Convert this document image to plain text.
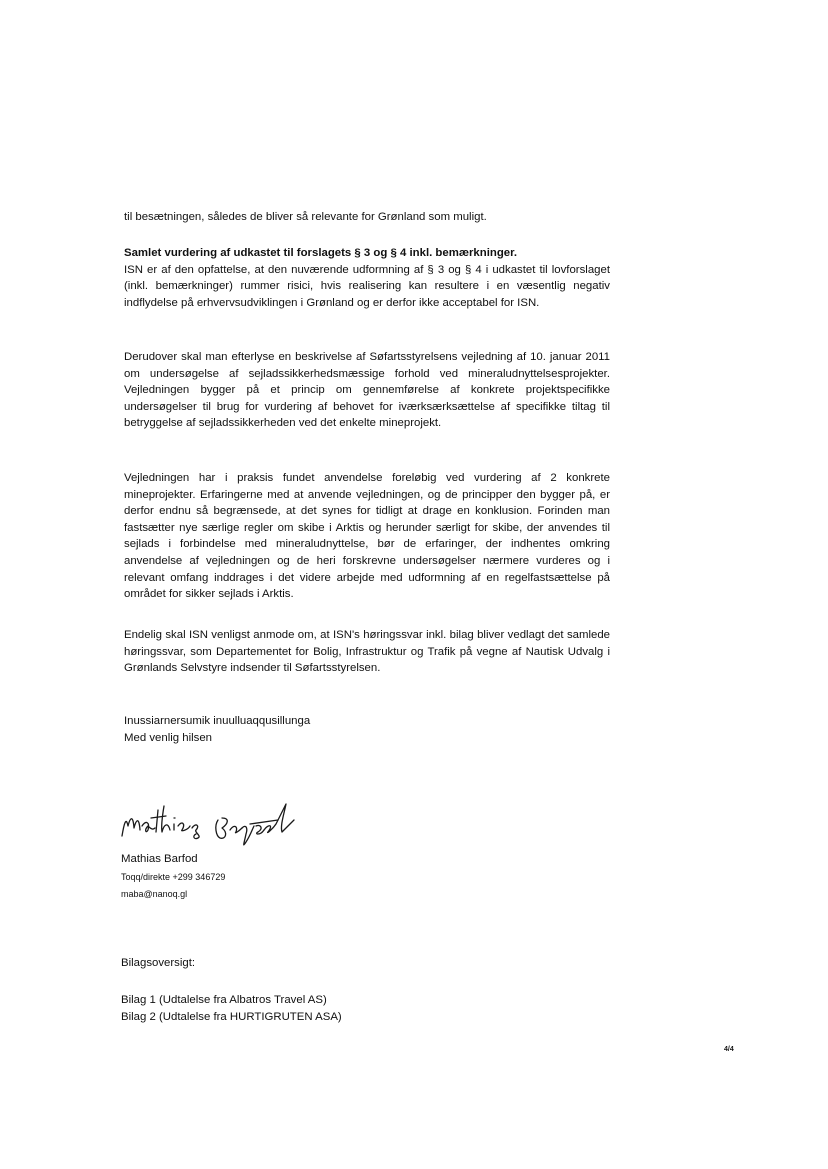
til besætningen, således de bliver så relevante for Grønland som muligt.

Samlet vurdering af udkastet til forslagets § 3 og § 4 inkl. bemærkninger.

ISN er af den opfattelse, at den nuværende udformning af § 3 og § 4 i udkastet til lovforslaget (inkl. bemærkninger) rummer risici, hvis realisering kan resultere i en væsentlig negativ indflydelse på erhvervsudviklingen i Grønland og er derfor ikke acceptabel for ISN.

Derudover skal man efterlyse en beskrivelse af Søfartsstyrelsens vejledning af 10. januar 2011 om undersøgelse af sejladssikkerhedsmæssige forhold ved mineraludnyttelsesprojekter. Vejledningen bygger på et princip om gennemførelse af konkrete projektspecifikke undersøgelser til brug for vurdering af behovet for iværksærksættelse af specifikke tiltag til betryggelse af sejladssikkerheden ved det enkelte mineprojekt.

Vejledningen har i praksis fundet anvendelse foreløbig ved vurdering af 2 konkrete mineprojekter. Erfaringerne med at anvende vejledningen, og de principper den bygger på, er derfor endnu så begrænsede, at det synes for tidligt at drage en konklusion. Forinden man fastsætter nye særlige regler om skibe i Arktis og herunder særligt for skibe, der anvendes til sejlads i forbindelse med mineraludnyttelse, bør de erfaringer, der indhentes omkring anvendelse af vejledningen og de heri forskrevne undersøgelser nærmere vurderes og i relevant omfang inddrages i det videre arbejde med udformning af en regelfastsættelse på området for sikker sejlads i Arktis.

Endelig skal ISN venligst anmode om, at ISN's høringssvar inkl. bilag bliver vedlagt det samlede høringssvar, som Departementet for Bolig, Infrastruktur og Trafik på vegne af Nautisk Udvalg i Grønlands Selvstyre indsender til Søfartsstyrelsen.

Inussiarnersumik inuulluaqqusillunga
Med venlig hilsen
Mathias Barfod
Toqq/direkte +299 346729
maba@nanoq.gl
Bilagsoversigt:
Bilag 1 (Udtalelse fra Albatros Travel AS)
Bilag 2 (Udtalelse fra HURTIGRUTEN ASA)
4/4
